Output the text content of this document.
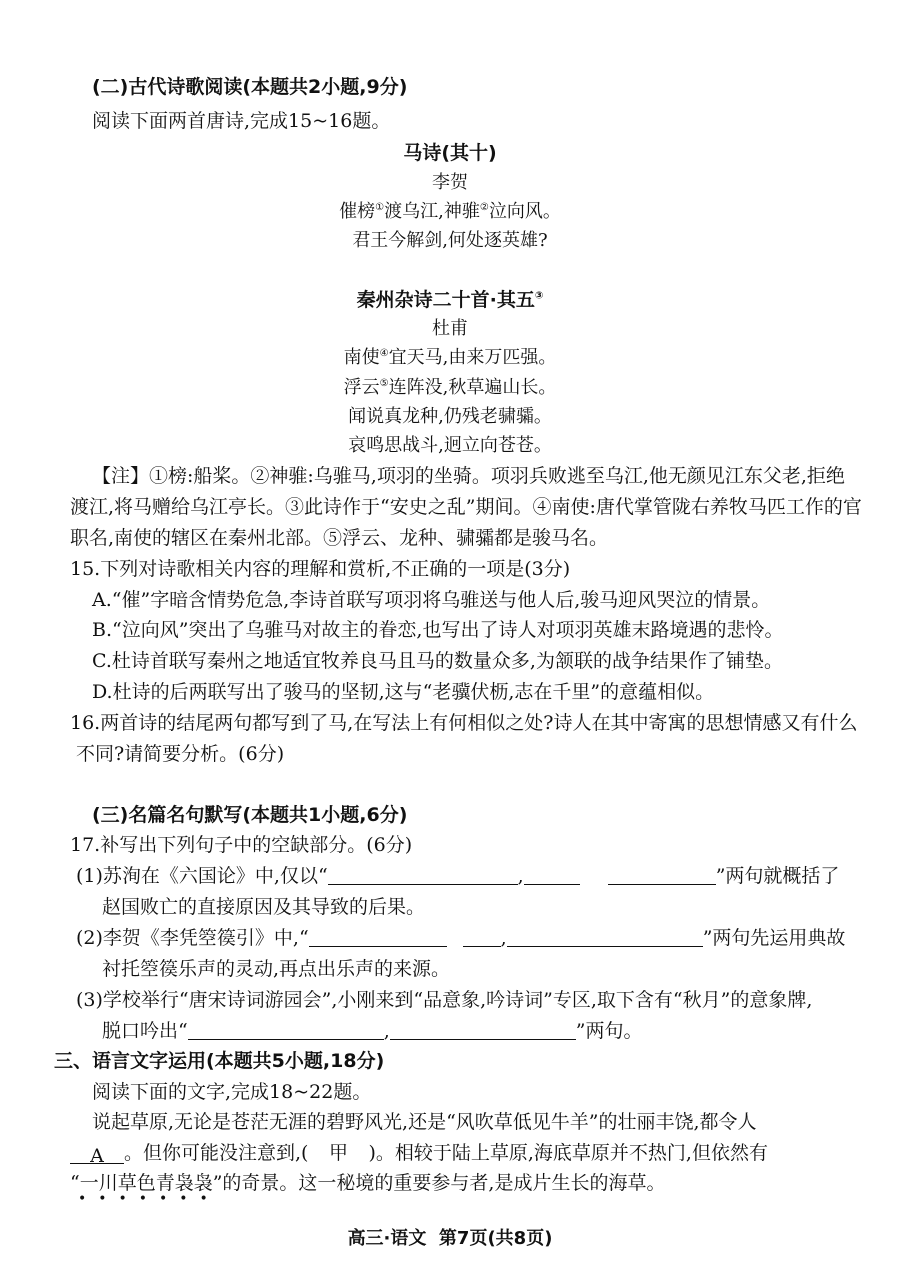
(二)古代诗歌阅读(本题共2小题,9分)
阅读下面两首唐诗,完成15~16题。
马诗(其十)
李贺
催榜①渡乌江,神骓②泣向风。
君王今解剑,何处逐英雄?
秦州杂诗二十首·其五③
杜甫
南使④宜天马,由来万匹强。
浮云⑤连阵没,秋草遍山长。
闻说真龙种,仍残老骕骦。
哀鸣思战斗,迥立向苍苍。
【注】①榜:船桨。②神骓:乌骓马,项羽的坐骑。项羽兵败逃至乌江,他无颜见江东父老,拒绝
渡江,将马赠给乌江亭长。③此诗作于“安史之乱”期间。④南使:唐代掌管陇右养牧马匹工作的官
职名,南使的辖区在秦州北部。⑤浮云、龙种、骕骦都是骏马名。
15.下列对诗歌相关内容的理解和赏析,不正确的一项是(3分)
A.“催”字暗含情势危急,李诗首联写项羽将乌骓送与他人后,骏马迎风哭泣的情景。
B.“泣向风”突出了乌骓马对故主的眷恋,也写出了诗人对项羽英雄末路境遇的悲怜。
C.杜诗首联写秦州之地适宜牧养良马且马的数量众多,为颔联的战争结果作了铺垫。
D.杜诗的后两联写出了骏马的坚韧,这与“老骥伏枥,志在千里”的意蕴相似。
16.两首诗的结尾两句都写到了马,在写法上有何相似之处?诗人在其中寄寓的思想情感又有什么
不同?请简要分析。(6分)
(三)名篇名句默写(本题共1小题,6分)
17.补写出下列句子中的空缺部分。(6分)
(1)苏洵在《六国论》中,仅以“	,	”两句就概括了
赵国败亡的直接原因及其导致的后果。
(2)李贺《李凭箜篌引》中,“	,	”两句先运用典故
衬托箜篌乐声的灵动,再点出乐声的来源。
(3)学校举行“唐宋诗词游园会”,小刚来到“品意象,吟诗词”专区,取下含有“秋月”的意象牌,
脱口吟出“	,	”两句。
三、语言文字运用(本题共5小题,18分)
阅读下面的文字,完成18~22题。
说起草原,无论是苍茫无涯的碧野风光,还是“风吹草低见牛羊”的壮丽丰饶,都令人
A 。但你可能没注意到,( 甲 )。相较于陆上草原,海底草原并不热门,但依然有
“一川草色青袅袅”的奇景。这一秘境的重要参与者,是成片生长的海草。
•••••••
高三·语文  第7页(共8页)
